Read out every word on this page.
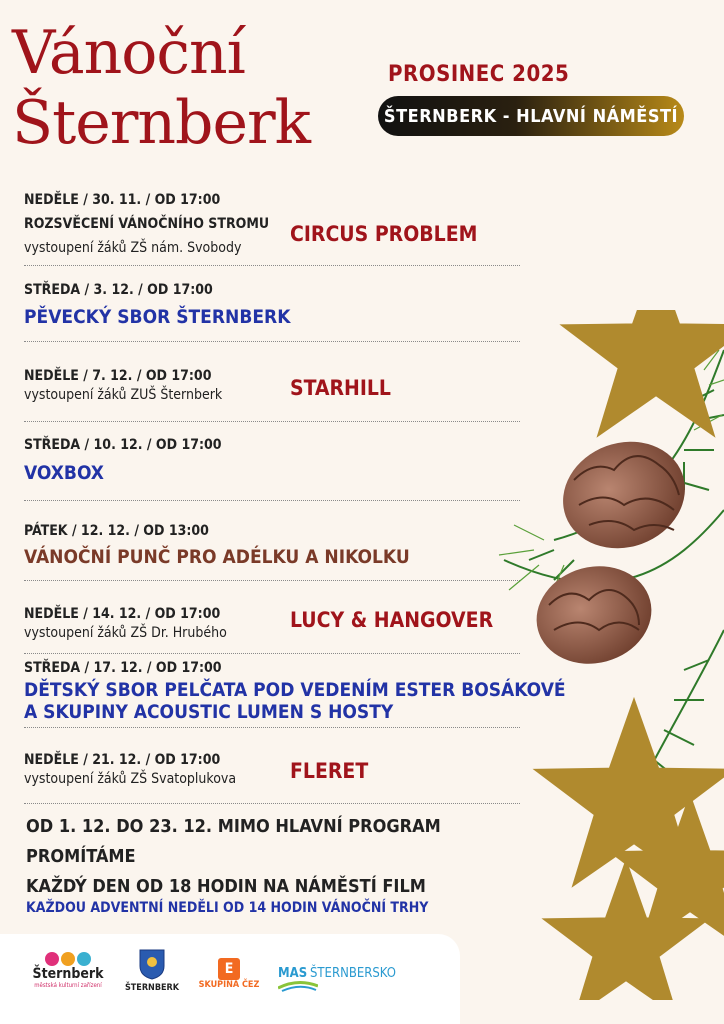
Vánoční
Šternberk
PROSINEC 2025
ŠTERNBERK - HLAVNÍ NÁMĚSTÍ
NEDĚLE / 30. 11. / OD 17:00
ROZSVĚCENÍ VÁNOČNÍHO STROMU
vystoupení žáků ZŠ nám. Svobody
CIRCUS PROBLEM
STŘEDA / 3. 12. / OD 17:00
PĚVECKÝ SBOR ŠTERNBERK
NEDĚLE / 7. 12. / OD 17:00
vystoupení žáků ZUŠ Šternberk	STARHILL
STŘEDA / 10. 12. / OD 17:00
VOXBOX
PÁTEK / 12. 12. / OD 13:00
VÁNOČNÍ PUNČ PRO ADÉLKU A NIKOLKU
NEDĚLE / 14. 12. / OD 17:00
vystoupení žáků ZŠ Dr. Hrubého
LUCY & HANGOVER
STŘEDA / 17. 12. / OD 17:00
DĚTSKÝ SBOR PELČATA POD VEDENÍM ESTER BOSÁKOVÉ
A SKUPINY ACOUSTIC LUMEN S HOSTY
NEDĚLE / 21. 12. / OD 17:00
vystoupení žáků ZŠ Svatoplukova	FLERET
OD 1. 12. DO 23. 12. MIMO HLAVNÍ PROGRAM PROMÍTÁME
KAŽDÝ DEN OD 18 HODIN NA NÁMĚSTÍ FILM
KAŽDOU ADVENTNÍ NEDĚLI OD 14 HODIN VÁNOČNÍ TRHY
Šternberk
městská kulturní zařízení	ŠTERNBERK
E
SKUPINA ČEZ
MAS ŠTERNBERSKO
